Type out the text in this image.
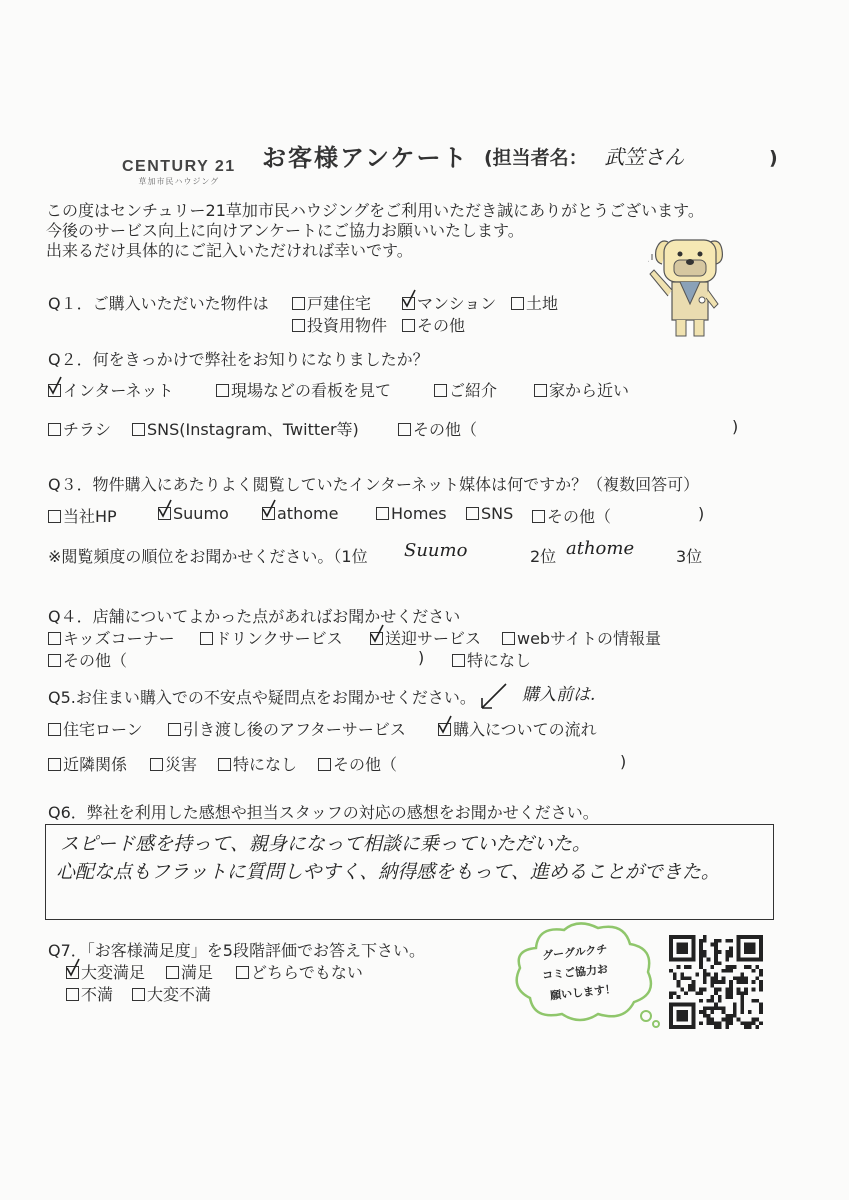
CENTURY 21
草加市民ハウジング
お客様アンケート (担当者名： 武笠さん	)
この度はセンチュリー21草加市民ハウジングをご利用いただき誠にありがとうございます。
今後のサービス向上に向けアンケートにご協力お願いいたします。
出来るだけ具体的にご記入いただければ幸いです。
Q１．ご購入いただいた物件は	戸建住宅	マンション	土地
投資用物件	その他
Q２．何をきっかけで弊社をお知りになりましたか？
インターネット	現場などの看板を見て	ご紹介	家から近い
チラシ	SNS(Instagram、Twitter等)	その他（	)
Q３．物件購入にあたりよく閲覧していたインターネット媒体は何ですか？（複数回答可）
当社HP	Suumo	athome	Homes	SNS	その他（	)
※閲覧頻度の順位をお聞かせください。（1位 Suumo	2位 athome	3位
Q４．店舗についてよかった点があればお聞かせください
キッズコーナー	ドリンクサービス	送迎サービス	webサイトの情報量
その他（	)	特になし
Q5.お住まい購入での不安点や疑問点をお聞かせください。	購入前は.
住宅ローン	引き渡し後のアフターサービス	購入についての流れ
近隣関係	災害	特になし	その他（	)
Q6．弊社を利用した感想や担当スタッフの対応の感想をお聞かせください。
スピード感を持って、親身になって相談に乗っていただいた。
心配な点もフラットに質問しやすく、納得感をもって、進めることができた。
Q7．「お客様満足度」を5段階評価でお答え下さい。
大変満足	満足	どちらでもない
不満	大変不満
グーグルクチ
コミご協力お
願いします！
